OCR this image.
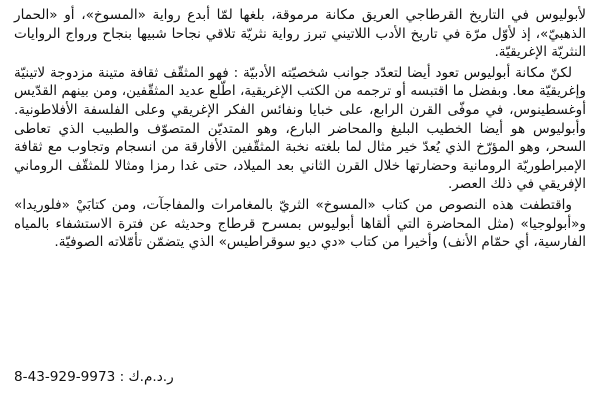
لأبوليوس في التاريخ القرطاجي العريق مكانة مرموقة، بلغها لمّا أبدع رواية «المسوخ»، أو «الحمار الذهبيّ»، إذ لأوّل مرّة في تاريخ الأدب اللاتيني تبرز رواية نثريّة تلاقي نجاحا شبيها بنجاح ورواج الروايات النثريّة الإغريقيّة.

لكنّ مكانة أبوليوس تعود أيضا لتعدّد جوانب شخصيّته الأدبيّة : فهو المثقّف ثقافة متينة مزدوجة لاتينيّة وإغريقيّة معا. وبفضل ما اقتبسه أو ترجمه من الكتب الإغريقية، اطّلع عديد المثقّفين، ومن بينهم القدّيس أوغسطينوس، في موفّى القرن الرابع، على خبايا ونفائس الفكر الإغريقي وعلى الفلسفة الأفلاطونية. وأبوليوس هو أيضا الخطيب البليغ والمحاضر البارع، وهو المتديّن المتصوّف والطبيب الذي تعاطى السحر، وهو المؤرّخ الذي يُعدّ خير مثال لما بلغته نخبة المثقّفين الأفارقة من انسجام وتجاوب مع ثقافة الإمبراطوريّة الرومانية وحضارتها خلال القرن الثاني بعد الميلاد، حتى غدا رمزا ومثالا للمثقّف الروماني الإفريقي في ذلك العصر.

واقتطفت هذه النصوص من كتاب «المسوخ» الثريّ بالمغامرات والمفاجآت، ومن كتابَيْ «فلوريدا» و«أبولوجيا» (مثل المحاضرة التي ألقاها أبوليوس بمسرح قرطاج وحديثه عن فترة الاستشفاء بالمياه الفارسية، أي حمّام الأنف) وأخيرا من كتاب «دي ديو سوقراطيس» الذي يتضمّن تأمّلاته الصوفيّة.

ر.د.م.ك : 9973-929-43-8
